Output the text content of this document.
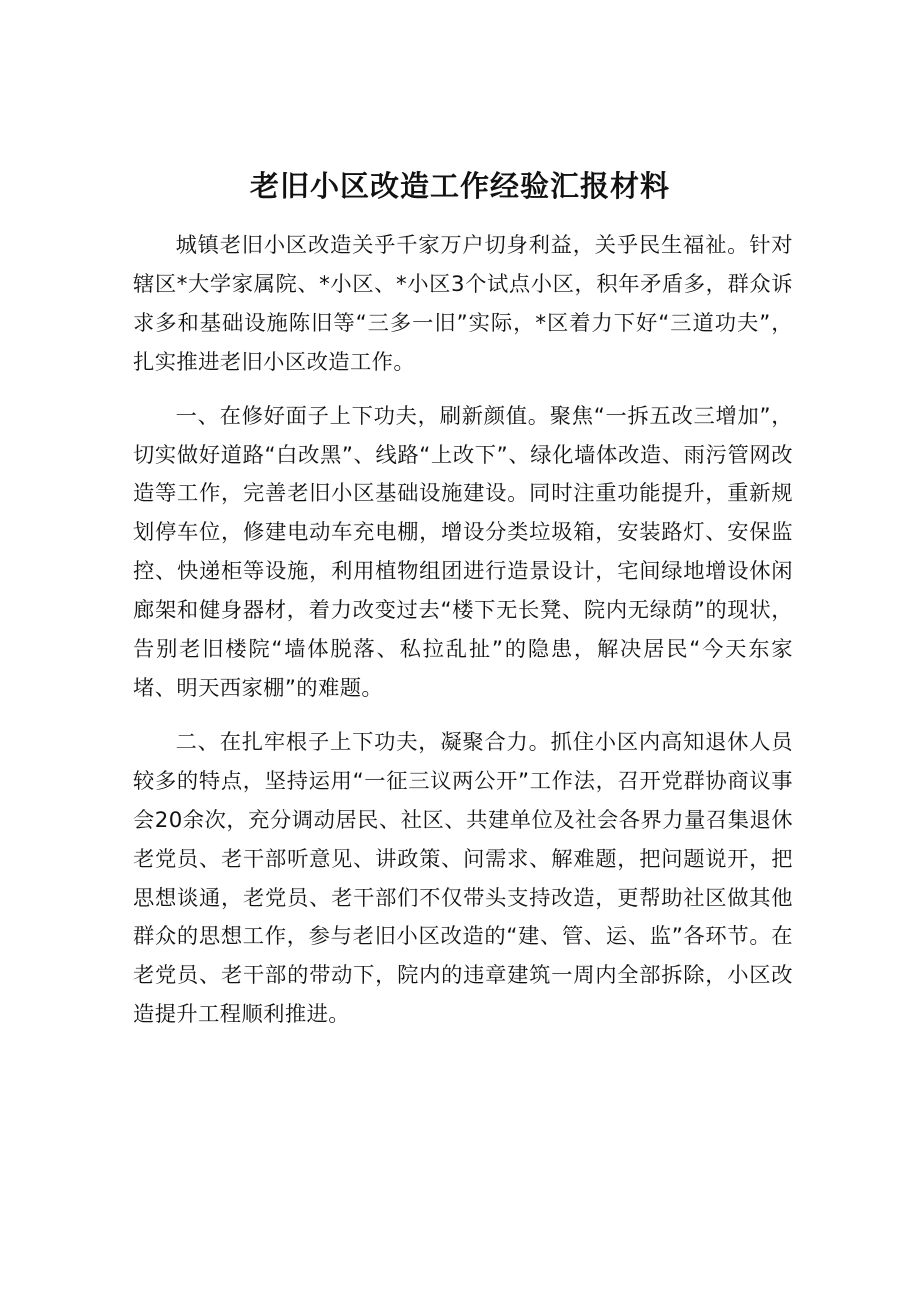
老旧小区改造工作经验汇报材料

城镇老旧小区改造关乎千家万户切身利益，关乎民生福祉。针对辖区*大学家属院、*小区、*小区3个试点小区，积年矛盾多，群众诉求多和基础设施陈旧等“三多一旧”实际，*区着力下好“三道功夫”，扎实推进老旧小区改造工作。

一、在修好面子上下功夫，刷新颜值。聚焦“一拆五改三增加”，切实做好道路“白改黑”、线路“上改下”、绿化墙体改造、雨污管网改造等工作，完善老旧小区基础设施建设。同时注重功能提升，重新规划停车位，修建电动车充电棚，增设分类垃圾箱，安装路灯、安保监控、快递柜等设施，利用植物组团进行造景设计，宅间绿地增设休闲廊架和健身器材，着力改变过去“楼下无长凳、院内无绿荫”的现状，告别老旧楼院“墙体脱落、私拉乱扯”的隐患，解决居民“今天东家堵、明天西家棚”的难题。

二、在扎牢根子上下功夫，凝聚合力。抓住小区内高知退休人员较多的特点，坚持运用“一征三议两公开”工作法，召开党群协商议事会20余次，充分调动居民、社区、共建单位及社会各界力量召集退休老党员、老干部听意见、讲政策、问需求、解难题，把问题说开，把思想谈通，老党员、老干部们不仅带头支持改造，更帮助社区做其他群众的思想工作，参与老旧小区改造的“建、管、运、监”各环节。在老党员、老干部的带动下，院内的违章建筑一周内全部拆除，小区改造提升工程顺利推进。
